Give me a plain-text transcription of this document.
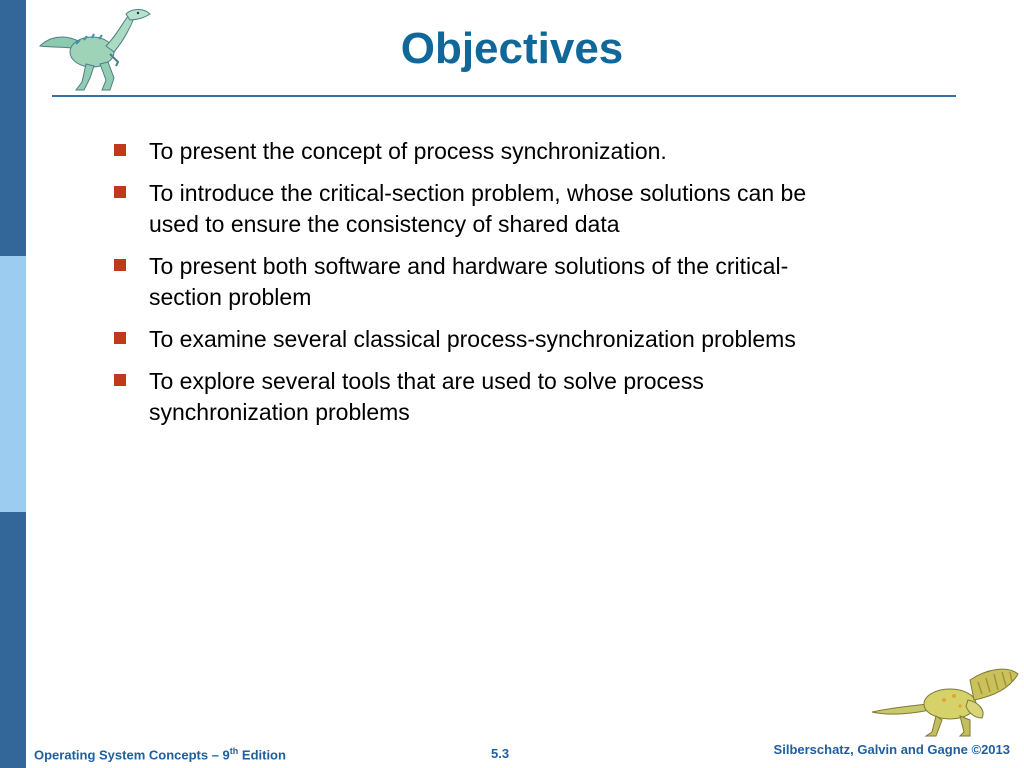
Objectives
To present the concept of process synchronization.
To introduce the critical-section problem, whose solutions can be used to ensure the consistency of shared data
To present both software and hardware solutions of the critical-section problem
To examine several classical process-synchronization problems
To explore several tools that are used to solve process synchronization problems
Operating System Concepts – 9th Edition	5.3	Silberschatz, Galvin and Gagne ©2013
